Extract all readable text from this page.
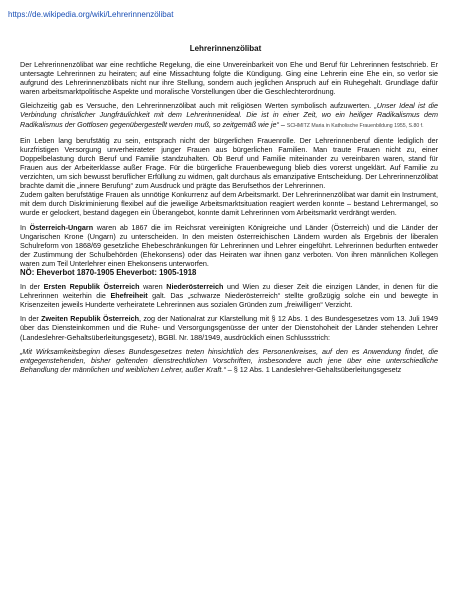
https://de.wikipedia.org/wiki/Lehrerinnenzölibat
Lehrerinnenzölibat

Der Lehrerinnenzölibat war eine rechtliche Regelung, die eine Unvereinbarkeit von Ehe und Beruf für Lehrerinnen festschrieb. Er untersagte Lehrerinnen zu heiraten; auf eine Missachtung folgte die Kündigung. Ging eine Lehrerin eine Ehe ein, so verlor sie aufgrund des Lehrerinnenzölibats nicht nur ihre Stellung, sondern auch jeglichen Anspruch auf ein Ruhegehalt. Grundlage dafür waren arbeitsmarktpolitische Aspekte und moralische Vorstellungen über die Geschlechterordnung.

Gleichzeitig gab es Versuche, den Lehrerinnenzölibat auch mit religiösen Werten symbolisch aufzuwerten. „Unser Ideal ist die Verbindung christlicher Jungfräulichkeit mit dem Lehrerinnenideal. Die ist in einer Zeit, wo ein heiliger Radikalismus dem Radikalismus der Gottlosen gegenübergestellt werden muß, so zeitgemäß wie je“ – SCHMITZ Maria in Katholische Frauenbildung 1955, S.80 f.

Ein Leben lang berufstätig zu sein, entsprach nicht der bürgerlichen Frauenrolle. Der Lehrerinnenberuf diente lediglich der kurzfristigen Versorgung unverheirateter junger Frauen aus bürgerlichen Familien. Man traute Frauen nicht zu, einer Doppelbelastung durch Beruf und Familie standzuhalten. Ob Beruf und Familie miteinander zu vereinbaren waren, stand für Frauen aus der Arbeiterklasse außer Frage. Für die bürgerliche Frauenbewegung blieb dies vorerst ungeklärt. Auf Familie zu verzichten, um sich bewusst beruflicher Erfüllung zu widmen, galt durchaus als emanzipative Entscheidung. Der Lehrerinnenzölibat brachte damit die „innere Berufung“ zum Ausdruck und prägte das Berufsethos der Lehrerinnen.

Zudem galten berufstätige Frauen als unnötige Konkurrenz auf dem Arbeitsmarkt. Der Lehrerinnenzölibat war damit ein Instrument, mit dem durch Diskriminierung flexibel auf die jeweilige Arbeitsmarktsituation reagiert werden konnte – bestand Lehrermangel, so wurde er gelockert, bestand dagegen ein Überangebot, konnte damit Lehrerinnen vom Arbeitsmarkt verdrängt werden.

In Österreich-Ungarn waren ab 1867 die im Reichsrat vereinigten Königreiche und Länder (Österreich) und die Länder der Ungarischen Krone (Ungarn) zu unterscheiden. In den meisten österreichischen Ländern wurden als Ergebnis der liberalen Schulreform von 1868/69 gesetzliche Ehebeschränkungen für Lehrerinnen und Lehrer eingeführt. Lehrerinnen bedurften entweder der Zustimmung der Schulbehörden (Ehekonsens) oder das Heiraten war ihnen ganz verboten. Von ihren männlichen Kollegen waren zum Teil Unterlehrer einen Ehekonsens unterworfen.
NÖ: Eheverbot 1870-1905 Eheverbot: 1905-1918

In der Ersten Republik Österreich waren Niederösterreich und Wien zu dieser Zeit die einzigen Länder, in denen für die Lehrerinnen weiterhin die Ehefreiheit galt. Das „schwarze Niederösterreich“ stellte großzügig solche ein und bewegte in Krisenzeiten jeweils Hunderte verheiratete Lehrerinnen aus sozialen Gründen zum „freiwilligen“ Verzicht.

In der Zweiten Republik Österreich, zog der Nationalrat zur Klarstellung mit § 12 Abs. 1 des Bundesgesetzes vom 13. Juli 1949 über das Diensteinkommen und die Ruhe- und Versorgungsgenüsse der unter der Dienstohoheit der Länder stehenden Lehrer (Landeslehrer-Gehaltsüberleitungsgesetz), BGBl. Nr. 188/1949, ausdrücklich einen Schlussstrich:

„Mit Wirksamkeitsbeginn dieses Bundesgesetzes treten hinsichtlich des Personenkreises, auf den es Anwendung findet, die entgegenstehenden, bisher geltenden dienstrechtlichen Vorschriften, insbesondere auch jene über eine unterschiedliche Behandlung der männlichen und weiblichen Lehrer, außer Kraft.“ – § 12 Abs. 1 Landeslehrer-Gehaltsüberleitungsgesetz
